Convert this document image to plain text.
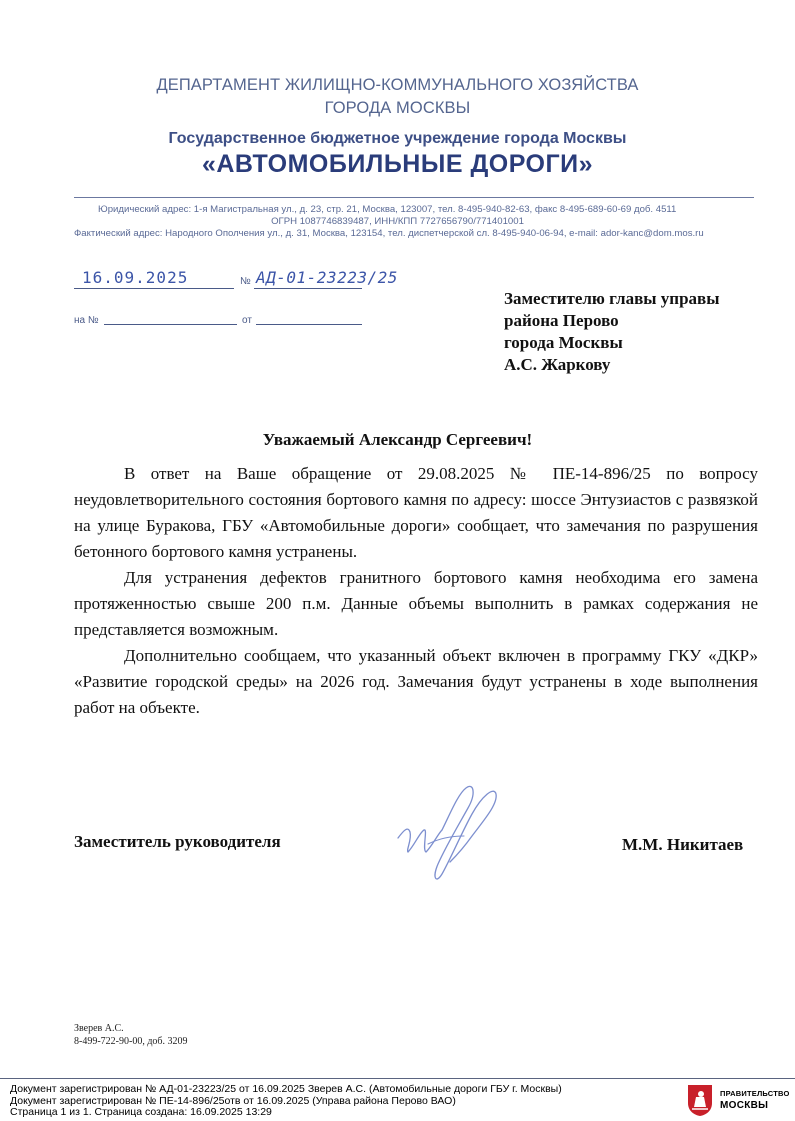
ДЕПАРТАМЕНТ ЖИЛИЩНО-КОММУНАЛЬНОГО ХОЗЯЙСТВА
ГОРОДА МОСКВЫ
Государственное бюджетное учреждение города Москвы
«АВТОМОБИЛЬНЫЕ ДОРОГИ»
Юридический адрес: 1-я Магистральная ул., д. 23, стр. 21, Москва, 123007, тел. 8-495-940-82-63, факс 8-495-689-60-69 доб. 4511
ОГРН 1087746839487, ИНН/КПП 7727656790/771401001
Фактический адрес: Народного Ополчения ул., д. 31, Москва, 123154, тел. диспетчерской сл. 8-495-940-06-94, e-mail: ador-kanc@dom.mos.ru
16.09.2025	№ АД-01-23223/25
на №	от
Заместителю главы управы
района Перово
города Москвы
А.С. Жаркову
Уважаемый Александр Сергеевич!

В ответ на Ваше обращение от 29.08.2025 № ПЕ-14-896/25 по вопросу неудовлетворительного состояния бортового камня по адресу: шоссе Энтузиастов с развязкой на улице Буракова, ГБУ «Автомобильные дороги» сообщает, что замечания по разрушения бетонного бортового камня устранены.

Для устранения дефектов гранитного бортового камня необходима его замена протяженностью свыше 200 п.м. Данные объемы выполнить в рамках содержания не представляется возможным.

Дополнительно сообщаем, что указанный объект включен в программу ГКУ «ДКР» «Развитие городской среды» на 2026 год. Замечания будут устранены в ходе выполнения работ на объекте.

Заместитель руководителя	М.М. Никитаев
Зверев А.С.
8-499-722-90-00, доб. 3209
Документ зарегистрирован № АД-01-23223/25 от 16.09.2025 Зверев А.С. (Автомобильные дороги ГБУ г. Москвы)
Документ зарегистрирован № ПЕ-14-896/25отв от 16.09.2025 (Управа района Перово ВАО)
Страница 1 из 1. Страница создана: 16.09.2025 13:29
ПРАВИТЕЛЬСТВО
МОСКВЫ
